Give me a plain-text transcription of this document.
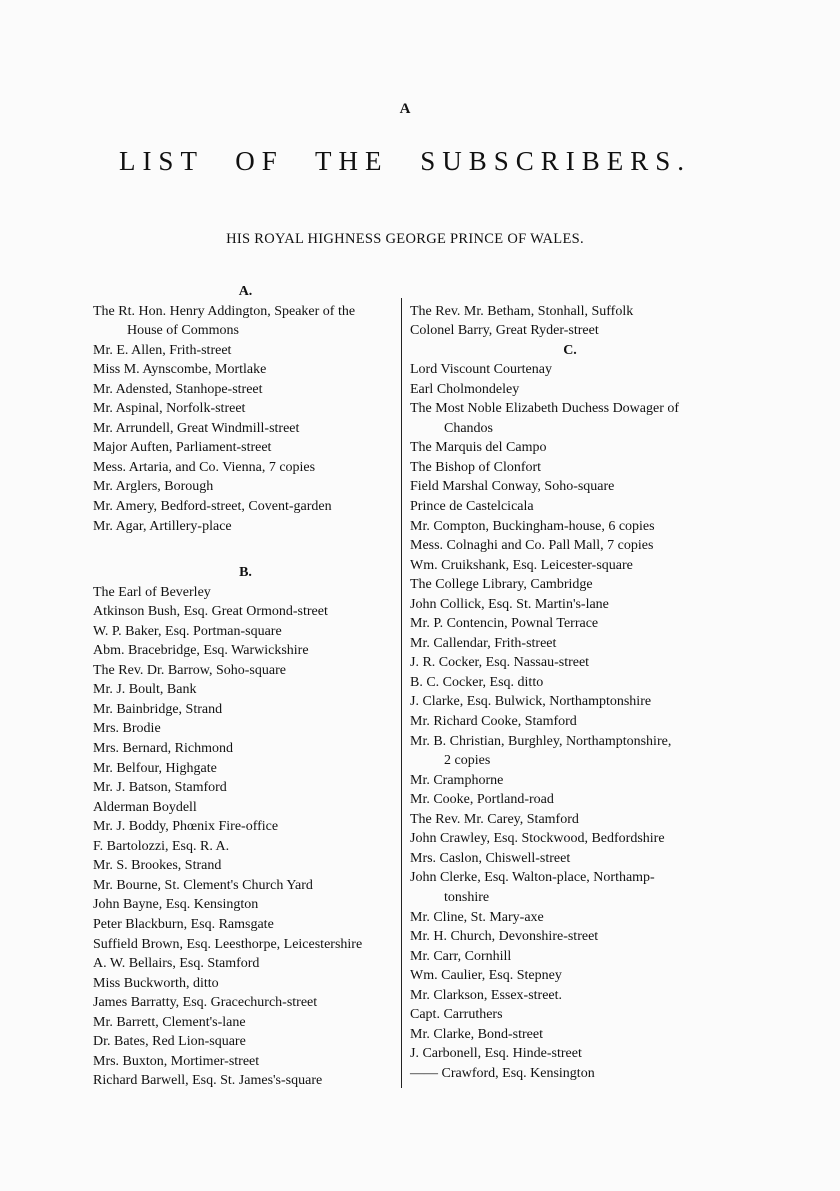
A
LIST OF THE SUBSCRIBERS.
HIS ROYAL HIGHNESS GEORGE PRINCE OF WALES.
A.
The Rt. Hon. Henry Addington, Speaker of the
House of Commons
Mr. E. Allen, Frith-street
Miss M. Aynscombe, Mortlake
Mr. Adensted, Stanhope-street
Mr. Aspinal, Norfolk-street
Mr. Arrundell, Great Windmill-street
Major Auften, Parliament-street
Mess. Artaria, and Co. Vienna, 7 copies
Mr. Arglers, Borough
Mr. Amery, Bedford-street, Covent-garden
Mr. Agar, Artillery-place
B.
The Earl of Beverley
Atkinson Bush, Esq. Great Ormond-street
W. P. Baker, Esq. Portman-square
Abm. Bracebridge, Esq. Warwickshire
The Rev. Dr. Barrow, Soho-square
Mr. J. Boult, Bank
Mr. Bainbridge, Strand
Mrs. Brodie
Mrs. Bernard, Richmond
Mr. Belfour, Highgate
Mr. J. Batson, Stamford
Alderman Boydell
Mr. J. Boddy, Phœnix Fire-office
F. Bartolozzi, Esq. R. A.
Mr. S. Brookes, Strand
Mr. Bourne, St. Clement's Church Yard
John Bayne, Esq. Kensington
Peter Blackburn, Esq. Ramsgate
Suffield Brown, Esq. Leesthorpe, Leicestershire
A. W. Bellairs, Esq. Stamford
Miss Buckworth, ditto
James Barratty, Esq. Gracechurch-street
Mr. Barrett, Clement's-lane
Dr. Bates, Red Lion-square
Mrs. Buxton, Mortimer-street
Richard Barwell, Esq. St. James's-square
The Rev. Mr. Betham, Stonhall, Suffolk
Colonel Barry, Great Ryder-street
C.
Lord Viscount Courtenay
Earl Cholmondeley
The Most Noble Elizabeth Duchess Dowager of
Chandos
The Marquis del Campo
The Bishop of Clonfort
Field Marshal Conway, Soho-square
Prince de Castelcicala
Mr. Compton, Buckingham-house, 6 copies
Mess. Colnaghi and Co. Pall Mall, 7 copies
Wm. Cruikshank, Esq. Leicester-square
The College Library, Cambridge
John Collick, Esq. St. Martin's-lane
Mr. P. Contencin, Pownal Terrace
Mr. Callendar, Frith-street
J. R. Cocker, Esq. Nassau-street
B. C. Cocker, Esq. ditto
J. Clarke, Esq. Bulwick, Northamptonshire
Mr. Richard Cooke, Stamford
Mr. B. Christian, Burghley, Northamptonshire,
2 copies
Mr. Cramphorne
Mr. Cooke, Portland-road
The Rev. Mr. Carey, Stamford
John Crawley, Esq. Stockwood, Bedfordshire
Mrs. Caslon, Chiswell-street
John Clerke, Esq. Walton-place, Northamp-
tonshire
Mr. Cline, St. Mary-axe
Mr. H. Church, Devonshire-street
Mr. Carr, Cornhill
Wm. Caulier, Esq. Stepney
Mr. Clarkson, Essex-street.
Capt. Carruthers
Mr. Clarke, Bond-street
J. Carbonell, Esq. Hinde-street
—— Crawford, Esq. Kensington
